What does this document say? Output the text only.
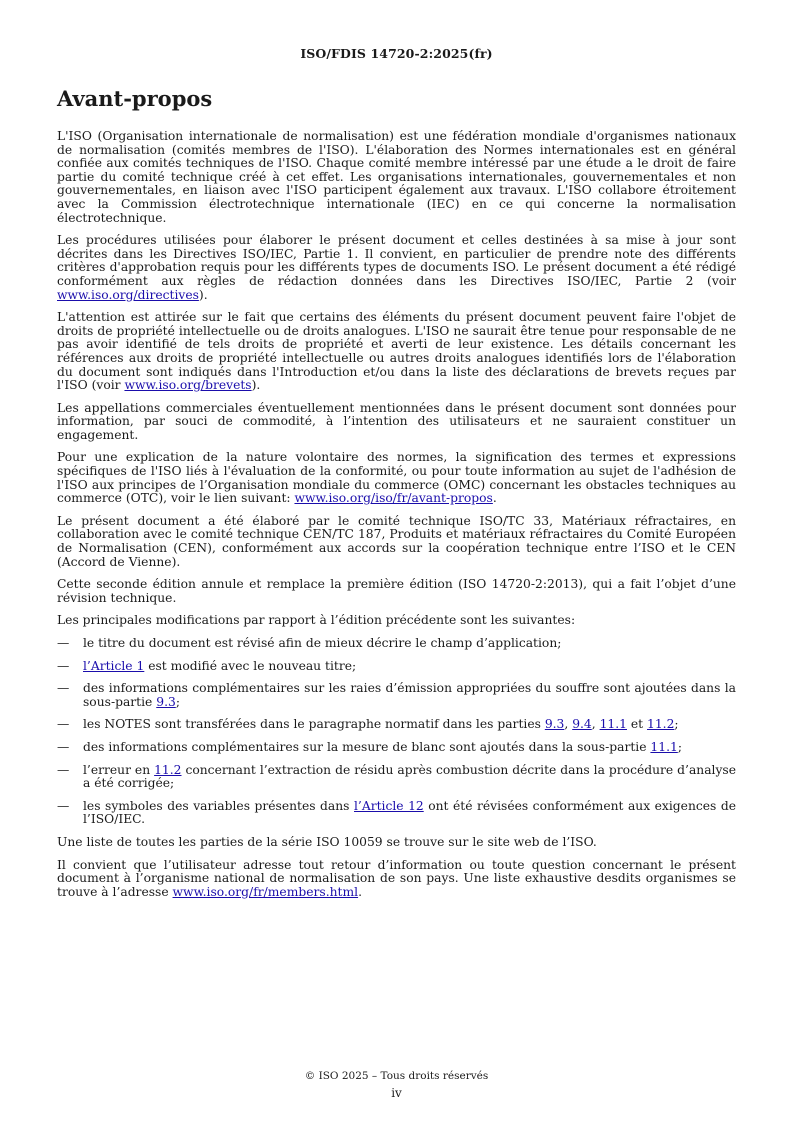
ISO/FDIS 14720-2:2025(fr)
Avant-propos

L'ISO (Organisation internationale de normalisation) est une fédération mondiale d'organismes nationaux de normalisation (comités membres de l'ISO). L'élaboration des Normes internationales est en général confiée aux comités techniques de l'ISO. Chaque comité membre intéressé par une étude a le droit de faire partie du comité technique créé à cet effet. Les organisations internationales, gouvernementales et non gouvernementales, en liaison avec l'ISO participent également aux travaux. L'ISO collabore étroitement avec la Commission électrotechnique internationale (IEC) en ce qui concerne la normalisation électrotechnique.

Les procédures utilisées pour élaborer le présent document et celles destinées à sa mise à jour sont décrites dans les Directives ISO/IEC, Partie 1. Il convient, en particulier de prendre note des différents critères d'approbation requis pour les différents types de documents ISO. Le présent document a été rédigé conformément aux règles de rédaction données dans les Directives ISO/IEC, Partie 2 (voir www.iso.org/directives).

L'attention est attirée sur le fait que certains des éléments du présent document peuvent faire l'objet de droits de propriété intellectuelle ou de droits analogues. L'ISO ne saurait être tenue pour responsable de ne pas avoir identifié de tels droits de propriété et averti de leur existence. Les détails concernant les références aux droits de propriété intellectuelle ou autres droits analogues identifiés lors de l'élaboration du document sont indiqués dans l'Introduction et/ou dans la liste des déclarations de brevets reçues par l'ISO (voir www.iso.org/brevets).

Les appellations commerciales éventuellement mentionnées dans le présent document sont données pour information, par souci de commodité, à l’intention des utilisateurs et ne sauraient constituer un engagement.

Pour une explication de la nature volontaire des normes, la signification des termes et expressions spécifiques de l'ISO liés à l'évaluation de la conformité, ou pour toute information au sujet de l'adhésion de l'ISO aux principes de l’Organisation mondiale du commerce (OMC) concernant les obstacles techniques au commerce (OTC), voir le lien suivant: www.iso.org/iso/fr/avant-propos.

Le présent document a été élaboré par le comité technique ISO/TC 33, Matériaux réfractaires, en collaboration avec le comité technique CEN/TC 187, Produits et matériaux réfractaires du Comité Européen de Normalisation (CEN), conformément aux accords sur la coopération technique entre l’ISO et le CEN (Accord de Vienne).

Cette seconde édition annule et remplace la première édition (ISO 14720-2:2013), qui a fait l’objet d’une révision technique.

Les principales modifications par rapport à l’édition précédente sont les suivantes:

—	le titre du document est révisé afin de mieux décrire le champ d’application;
—	l’Article 1 est modifié avec le nouveau titre;
—	des informations complémentaires sur les raies d’émission appropriées du souffre sont ajoutées dans la sous-partie 9.3;
—	les NOTES sont transférées dans le paragraphe normatif dans les parties 9.3, 9.4, 11.1 et 11.2;
—	des informations complémentaires sur la mesure de blanc sont ajoutés dans la sous-partie 11.1;
—	l’erreur en 11.2 concernant l’extraction de résidu après combustion décrite dans la procédure d’analyse a été corrigée;
—	les symboles des variables présentes dans l’Article 12 ont été révisées conformément aux exigences de l’ISO/IEC.

Une liste de toutes les parties de la série ISO 10059 se trouve sur le site web de l’ISO.

Il convient que l’utilisateur adresse tout retour d’information ou toute question concernant le présent document à l’organisme national de normalisation de son pays. Une liste exhaustive desdits organismes se trouve à l’adresse www.iso.org/fr/members.html.

© ISO 2025 – Tous droits réservés
iv
